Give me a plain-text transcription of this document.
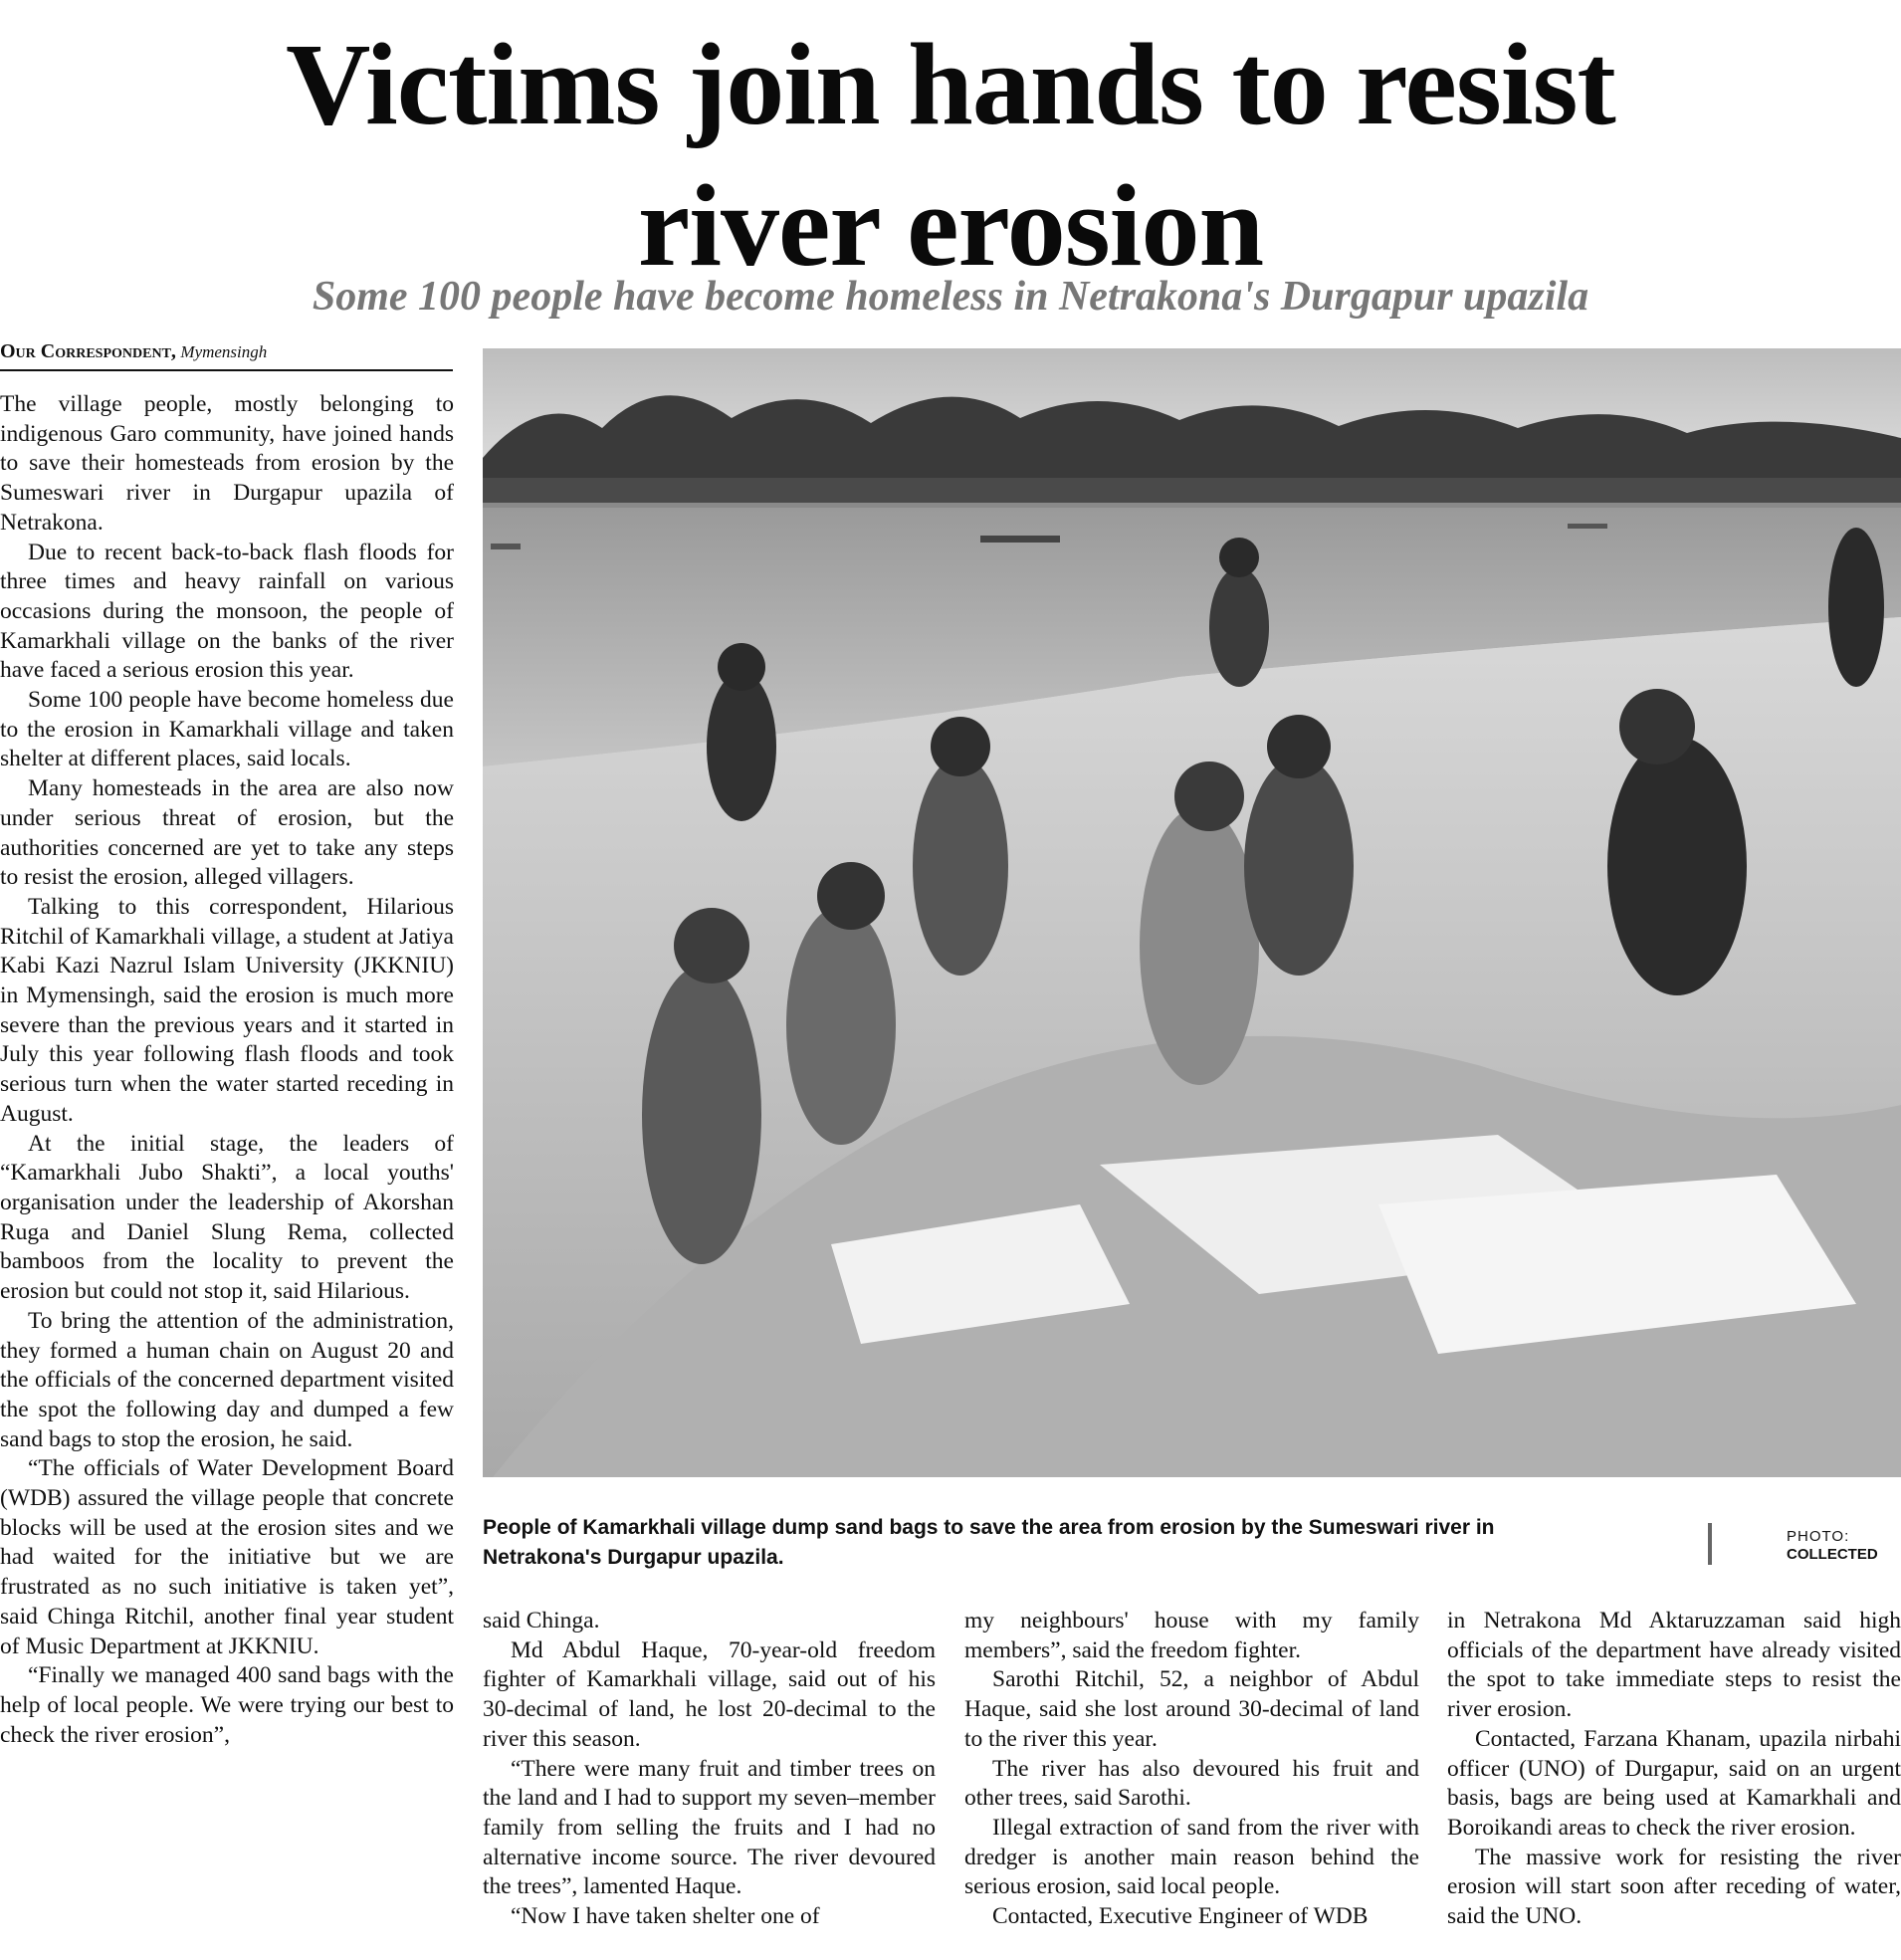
Victims join hands to resist
river erosion
Some 100 people have become homeless in Netrakona's Durgapur upazila
Our Correspondent, Mymensingh

The village people, mostly belonging to indigenous Garo community, have joined hands to save their homesteads from erosion by the Sumeswari river in Durgapur upazila of Netrakona.

Due to recent back-to-back flash floods for three times and heavy rainfall on various occasions during the monsoon, the people of Kamarkhali village on the banks of the river have faced a serious erosion this year.

Some 100 people have become homeless due to the erosion in Kamarkhali village and taken shelter at different places, said locals.

Many homesteads in the area are also now under serious threat of erosion, but the authorities concerned are yet to take any steps to resist the erosion, alleged villagers.

Talking to this correspondent, Hilarious Ritchil of Kamarkhali village, a student at Jatiya Kabi Kazi Nazrul Islam University (JKKNIU) in Mymensingh, said the erosion is much more severe than the previous years and it started in July this year following flash floods and took serious turn when the water started receding in August.

At the initial stage, the leaders of “Kamarkhali Jubo Shakti”, a local youths' organisation under the leadership of Akorshan Ruga and Daniel Slung Rema, collected bamboos from the locality to prevent the erosion but could not stop it, said Hilarious.

To bring the attention of the administration, they formed a human chain on August 20 and the officials of the concerned department visited the spot the following day and dumped a few sand bags to stop the erosion, he said.

“The officials of Water Development Board (WDB) assured the village people that concrete blocks will be used at the erosion sites and we had waited for the initiative but we are frustrated as no such initiative is taken yet”, said Chinga Ritchil, another final year student of Music Department at JKKNIU.

“Finally we managed 400 sand bags with the help of local people. We were trying our best to check the river erosion”,

People of Kamarkhali village dump sand bags to save the area from erosion by the Sumeswari river in Netrakona's Durgapur upazila.
PHOTO:
COLLECTED

said Chinga.

Md Abdul Haque, 70-year-old freedom fighter of Kamarkhali village, said out of his 30-decimal of land, he lost 20-decimal to the river this season.

“There were many fruit and timber trees on the land and I had to support my seven–member family from selling the fruits and I had no alternative income source. The river devoured the trees”, lamented Haque.

“Now I have taken shelter one of

my neighbours' house with my family members”, said the freedom fighter.

Sarothi Ritchil, 52, a neighbor of Abdul Haque, said she lost around 30-decimal of land to the river this year.

The river has also devoured his fruit and other trees, said Sarothi.

Illegal extraction of sand from the river with dredger is another main reason behind the serious erosion, said local people.

Contacted, Executive Engineer of WDB

in Netrakona Md Aktaruzzaman said high officials of the department have already visited the spot to take immediate steps to resist the river erosion.

Contacted, Farzana Khanam, upazila nirbahi officer (UNO) of Durgapur, said on an urgent basis, bags are being used at Kamarkhali and Boroikandi areas to check the river erosion.

The massive work for resisting the river erosion will start soon after receding of water, said the UNO.
